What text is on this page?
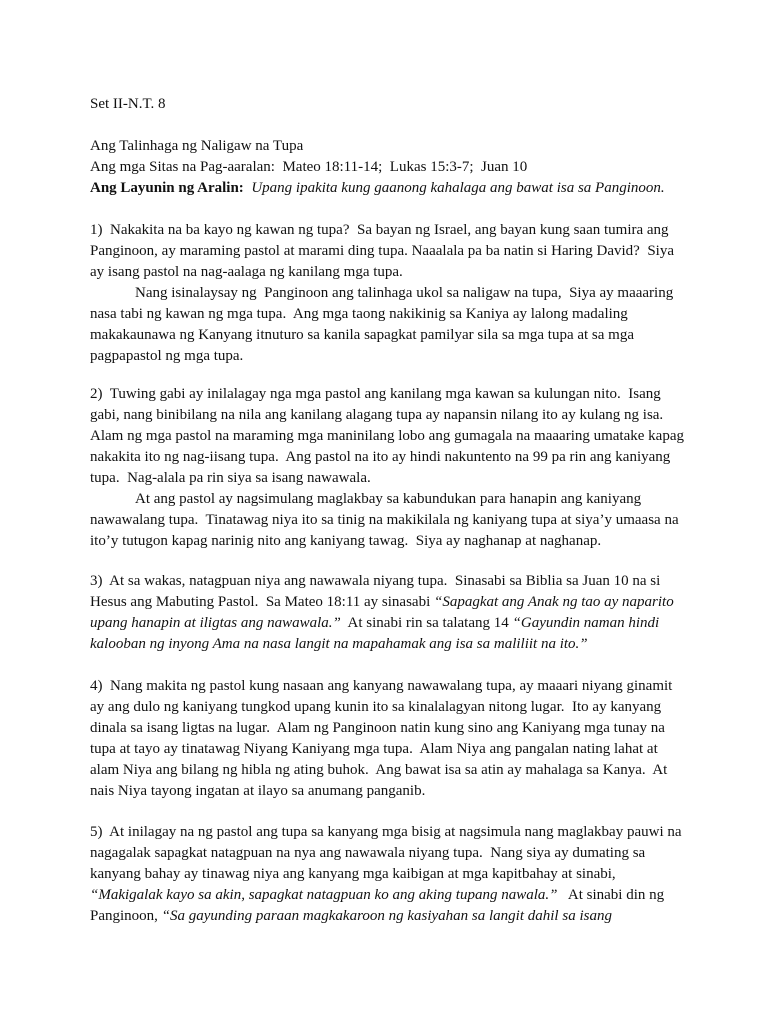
Set II-N.T. 8

Ang Talinhaga ng Naligaw na Tupa

Ang mga Sitas na Pag-aaralan:  Mateo 18:11-14;  Lukas 15:3-7;  Juan 10

Ang Layunin ng Aralin: Upang ipakita kung gaanong kahalaga ang bawat isa sa Panginoon.

1)  Nakakita na ba kayo ng kawan ng tupa?  Sa bayan ng Israel, ang bayan kung saan tumira ang

Panginoon, ay maraming pastol at marami ding tupa. Naaalala pa ba natin si Haring David?  Siya

ay isang pastol na nag-aalaga ng kanilang mga tupa.

Nang isinalaysay ng  Panginoon ang talinhaga ukol sa naligaw na tupa,  Siya ay maaaring

nasa tabi ng kawan ng mga tupa.  Ang mga taong nakikinig sa Kaniya ay lalong madaling

makakaunawa ng Kanyang itnuturo sa kanila sapagkat pamilyar sila sa mga tupa at sa mga

pagpapastol ng mga tupa.

2)  Tuwing gabi ay inilalagay nga mga pastol ang kanilang mga kawan sa kulungan nito.  Isang

gabi, nang binibilang na nila ang kanilang alagang tupa ay napansin nilang ito ay kulang ng isa.

Alam ng mga pastol na maraming mga maninilang lobo ang gumagala na maaaring umatake kapag

nakakita ito ng nag-iisang tupa.  Ang pastol na ito ay hindi nakuntento na 99 pa rin ang kaniyang

tupa.  Nag-alala pa rin siya sa isang nawawala.

At ang pastol ay nagsimulang maglakbay sa kabundukan para hanapin ang kaniyang

nawawalang tupa.  Tinatawag niya ito sa tinig na makikilala ng kaniyang tupa at siya’y umaasa na

ito’y tutugon kapag narinig nito ang kaniyang tawag.  Siya ay naghanap at naghanap.

3)  At sa wakas, natagpuan niya ang nawawala niyang tupa.  Sinasabi sa Biblia sa Juan 10 na si

Hesus ang Mabuting Pastol.  Sa Mateo 18:11 ay sinasabi “Sapagkat ang Anak ng tao ay naparito

upang hanapin at iligtas ang nawawala.”  At sinabi rin sa talatang 14 “Gayundin naman hindi

kalooban ng inyong Ama na nasa langit na mapahamak ang isa sa maliliit na ito.”

4)  Nang makita ng pastol kung nasaan ang kanyang nawawalang tupa, ay maaari niyang ginamit

ay ang dulo ng kaniyang tungkod upang kunin ito sa kinalalagyan nitong lugar.  Ito ay kanyang

dinala sa isang ligtas na lugar.  Alam ng Panginoon natin kung sino ang Kaniyang mga tunay na

tupa at tayo ay tinatawag Niyang Kaniyang mga tupa.  Alam Niya ang pangalan nating lahat at

alam Niya ang bilang ng hibla ng ating buhok.  Ang bawat isa sa atin ay mahalaga sa Kanya.  At

nais Niya tayong ingatan at ilayo sa anumang panganib.

5)  At inilagay na ng pastol ang tupa sa kanyang mga bisig at nagsimula nang maglakbay pauwi na

nagagalak sapagkat natagpuan na nya ang nawawala niyang tupa.  Nang siya ay dumating sa

kanyang bahay ay tinawag niya ang kanyang mga kaibigan at mga kapitbahay at sinabi,

“Makigalak kayo sa akin, sapagkat natagpuan ko ang aking tupang nawala.”   At sinabi din ng

Panginoon, “Sa gayunding paraan magkakaroon ng kasiyahan sa langit dahil sa isang
